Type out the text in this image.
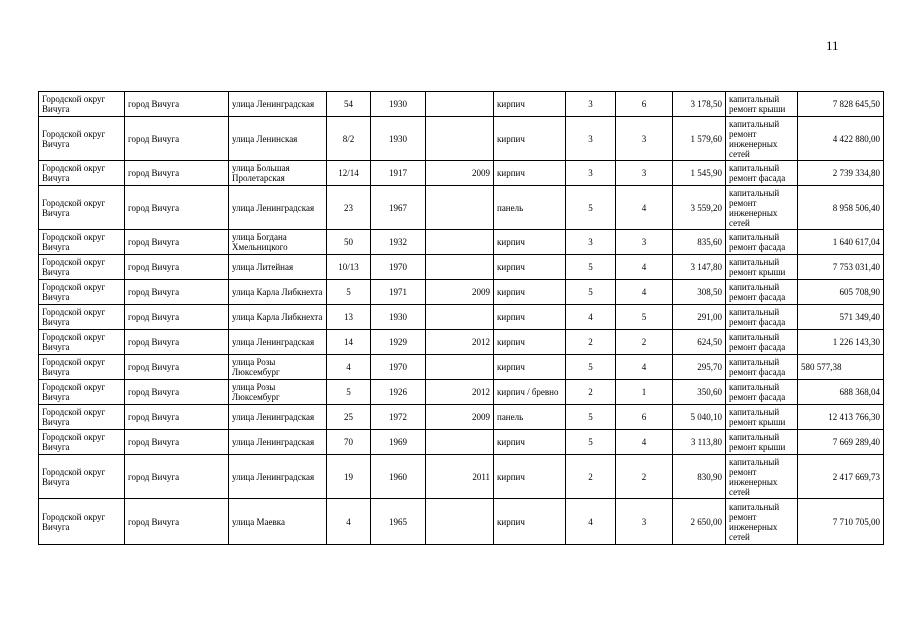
11
Городской округ Вичуга	город Вичуга	улица Ленинградская	54	1930		кирпич	3	6	3 178,50	капитальный ремонт крыши	7 828 645,50
Городской округ Вичуга	город Вичуга	улица Ленинская	8/2	1930		кирпич	3	3	1 579,60	капитальный ремонт инженерных сетей	4 422 880,00
Городской округ Вичуга	город Вичуга	улица Большая Пролетарская	12/14	1917	2009	кирпич	3	3	1 545,90	капитальный ремонт фасада	2 739 334,80
Городской округ Вичуга	город Вичуга	улица Ленинградская	23	1967		панель	5	4	3 559,20	капитальный ремонт инженерных сетей	8 958 506,40
Городской округ Вичуга	город Вичуга	улица Богдана Хмельницкого	50	1932		кирпич	3	3	835,60	капитальный ремонт фасада	1 640 617,04
Городской округ Вичуга	город Вичуга	улица Литейная	10/13	1970		кирпич	5	4	3 147,80	капитальный ремонт крыши	7 753 031,40
Городской округ Вичуга	город Вичуга	улица Карла Либкнехта	5	1971	2009	кирпич	5	4	308,50	капитальный ремонт фасада	605 708,90
Городской округ Вичуга	город Вичуга	улица Карла Либкнехта	13	1930		кирпич	4	5	291,00	капитальный ремонт фасада	571 349,40
Городской округ Вичуга	город Вичуга	улица Ленинградская	14	1929	2012	кирпич	2	2	624,50	капитальный ремонт фасада	1 226 143,30
Городской округ Вичуга	город Вичуга	улица Розы Люксембург	4	1970		кирпич	5	4	295,70	капитальный ремонт фасада	580 577,38
Городской округ Вичуга	город Вичуга	улица Розы Люксембург	5	1926	2012	кирпич / бревно	2	1	350,60	капитальный ремонт фасада	688 368,04
Городской округ Вичуга	город Вичуга	улица Ленинградская	25	1972	2009	панель	5	6	5 040,10	капитальный ремонт крыши	12 413 766,30
Городской округ Вичуга	город Вичуга	улица Ленинградская	70	1969		кирпич	5	4	3 113,80	капитальный ремонт крыши	7 669 289,40
Городской округ Вичуга	город Вичуга	улица Ленинградская	19	1960	2011	кирпич	2	2	830,90	капитальный ремонт инженерных сетей	2 417 669,73
Городской округ Вичуга	город Вичуга	улица Маевка	4	1965		кирпич	4	3	2 650,00	капитальный ремонт инженерных сетей	7 710 705,00
